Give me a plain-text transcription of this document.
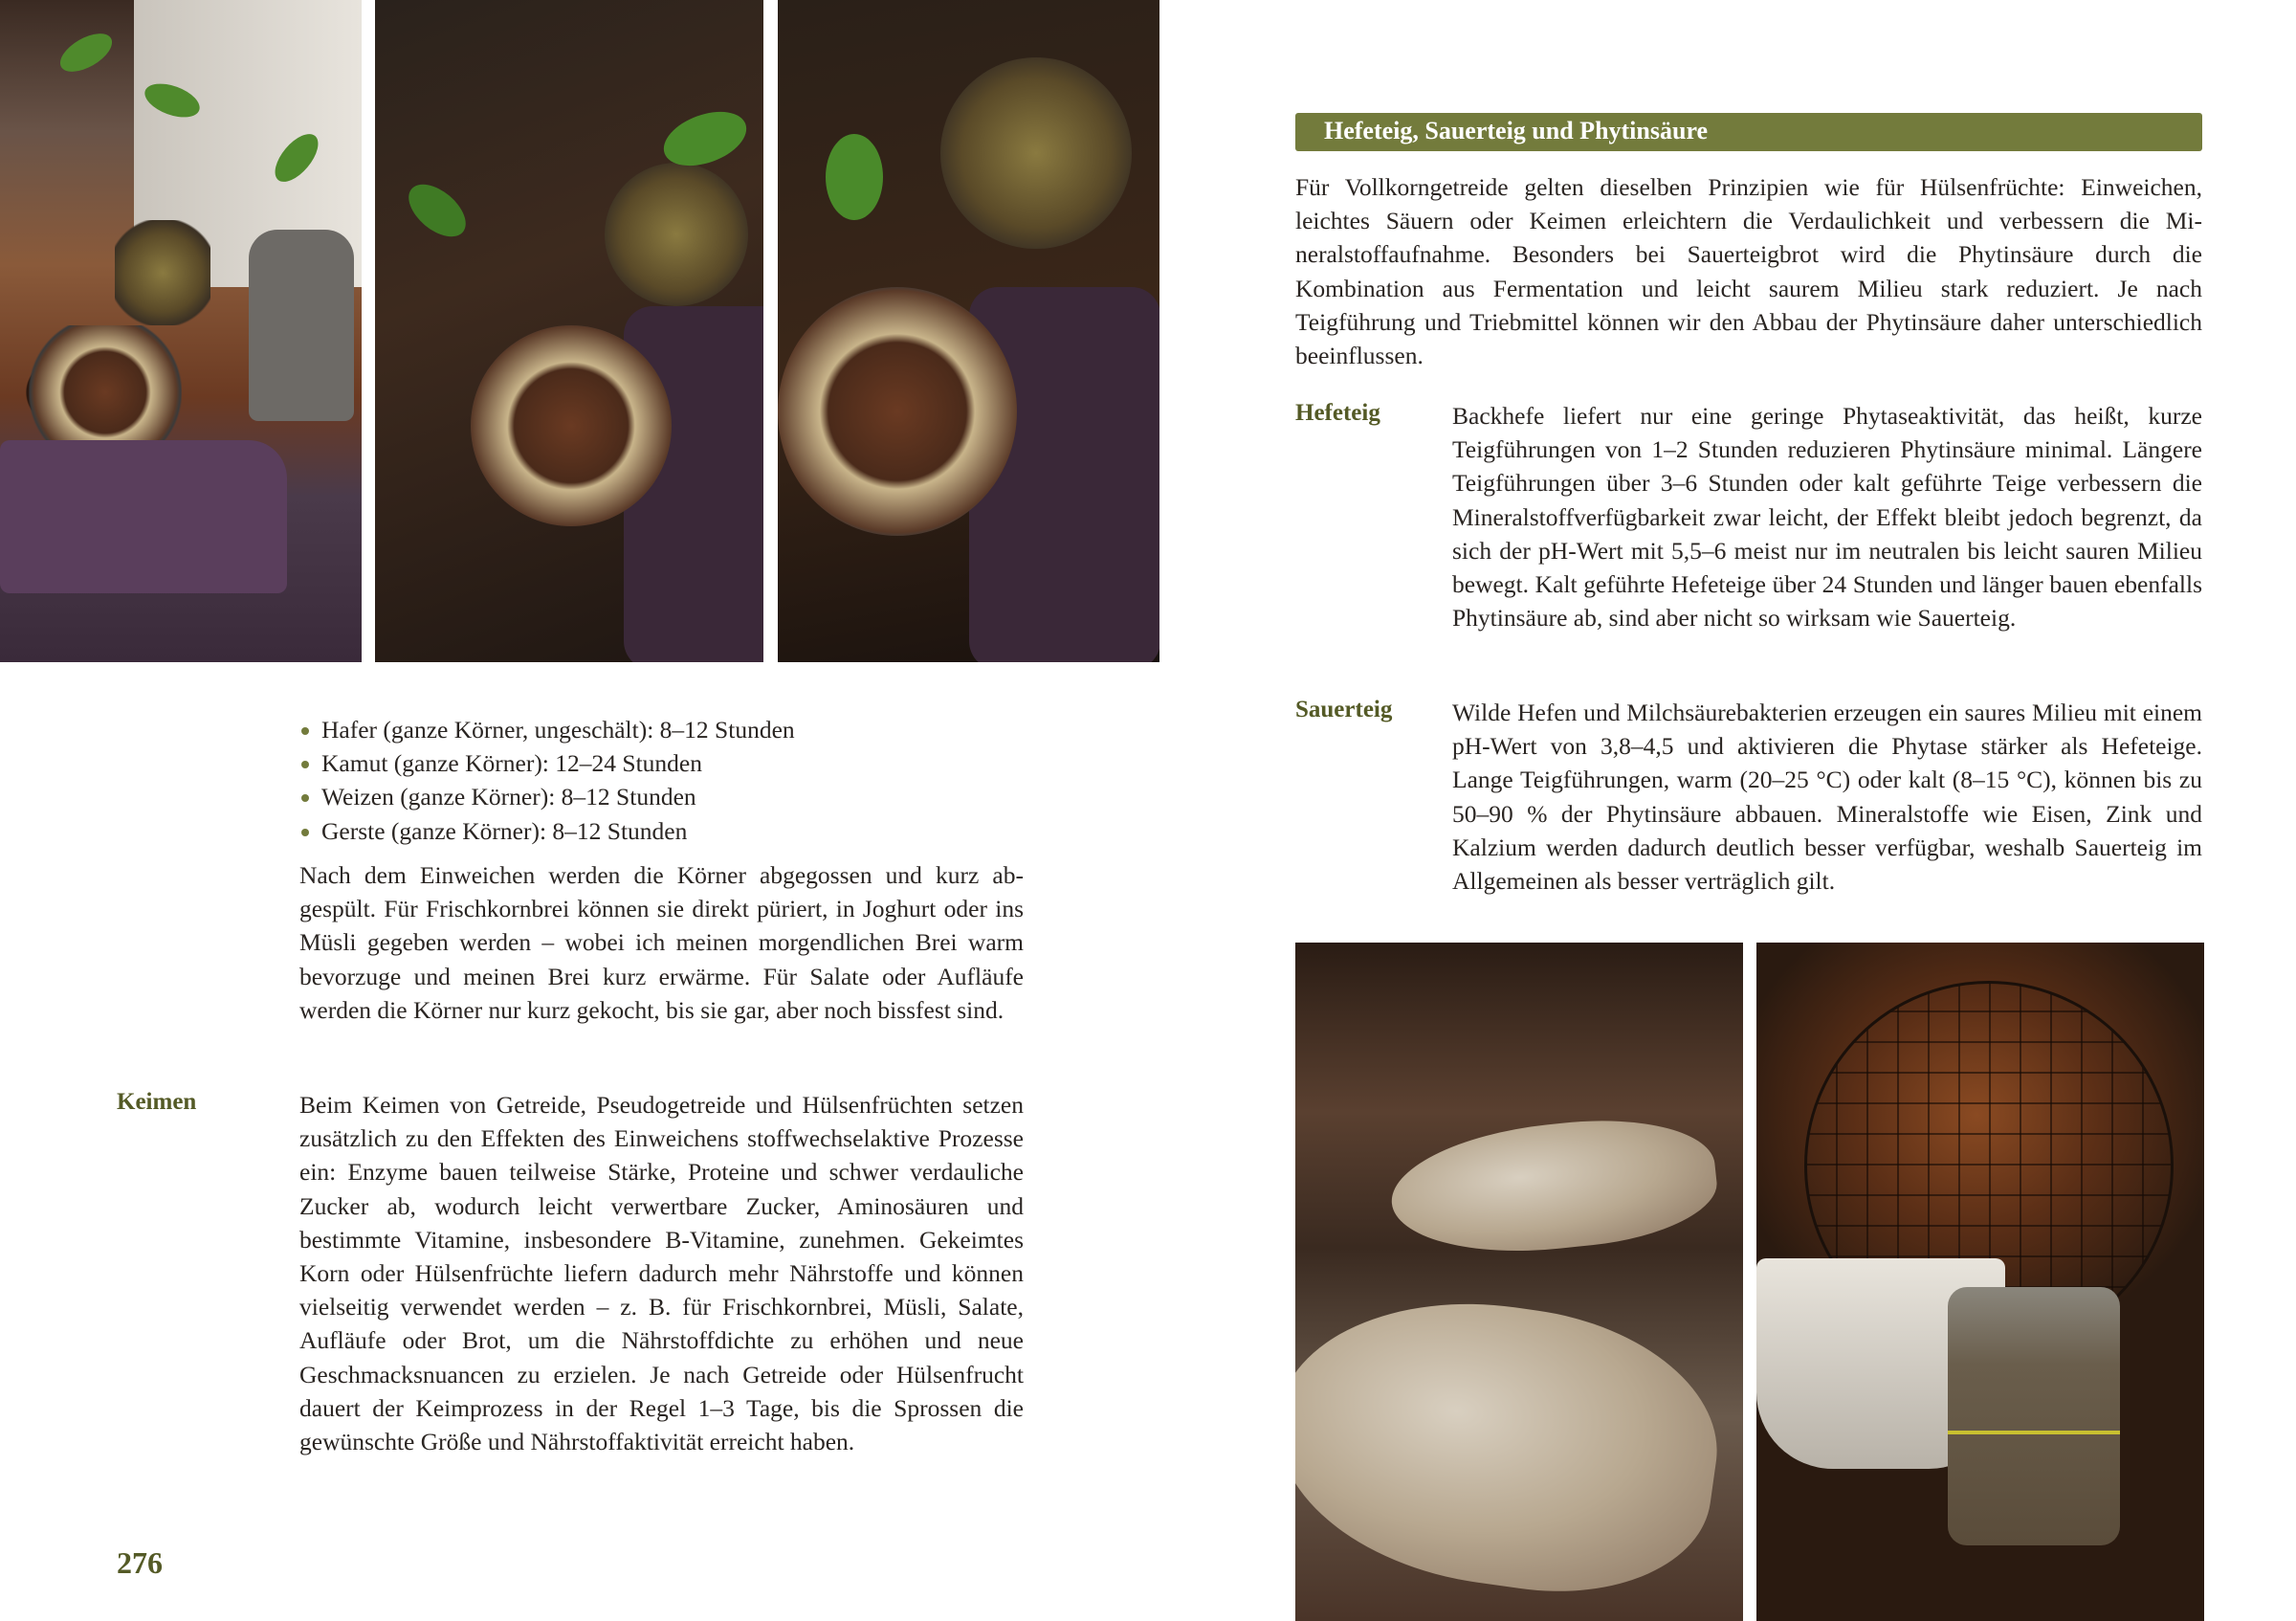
Hafer (ganze Körner, ungeschält): 8–12 Stunden
Kamut (ganze Körner): 12–24 Stunden
Weizen (ganze Körner): 8–12 Stunden
Gerste (ganze Körner): 8–12 Stunden
Nach dem Einweichen werden die Körner abgegossen und kurz abgespült. Für Frischkornbrei können sie direkt püriert, in Joghurt oder ins Müsli gegeben werden – wobei ich meinen morgendlichen Brei warm bevorzuge und meinen Brei kurz erwärme. Für Salate oder Aufläufe werden die Körner nur kurz gekocht, bis sie gar, aber noch bissfest sind.
Keimen	Beim Keimen von Getreide, Pseudogetreide und Hülsenfrüchten setzen zusätzlich zu den Effekten des Einweichens stoffwechselaktive Prozesse ein: Enzyme bauen teilweise Stärke, Proteine und schwer verdauliche Zucker ab, wodurch leicht verwertbare Zucker, Aminosäuren und bestimmte Vitamine, insbesondere B-Vitamine, zunehmen. Gekeimtes Korn oder Hülsenfrüchte liefern dadurch mehr Nährstoffe und können vielseitig verwendet werden – z. B. für Frischkornbrei, Müsli, Salate, Aufläufe oder Brot, um die Nährstoffdichte zu erhöhen und neue Geschmacksnuancen zu erzielen. Je nach Getreide oder Hülsenfrucht dauert der Keimprozess in der Regel 1–3 Tage, bis die Sprossen die gewünschte Größe und Nährstoffaktivität erreicht haben.
276
Hefeteig, Sauerteig und Phytinsäure
Für Vollkorngetreide gelten dieselben Prinzipien wie für Hülsenfrüchte: Einweichen, leichtes Säuern oder Keimen erleichtern die Verdaulichkeit und verbessern die Mineralstoffaufnahme. Besonders bei Sauerteigbrot wird die Phytinsäure durch die Kombination aus Fermentation und leicht saurem Milieu stark reduziert. Je nach Teigführung und Triebmittel können wir den Abbau der Phytinsäure daher unterschiedlich beeinflussen.
Hefeteig	Backhefe liefert nur eine geringe Phytaseaktivität, das heißt, kurze Teigführungen von 1–2 Stunden reduzieren Phytinsäure minimal. Längere Teigführungen über 3–6 Stunden oder kalt geführte Teige verbessern die Mineralstoffverfügbarkeit zwar leicht, der Effekt bleibt jedoch begrenzt, da sich der pH-Wert mit 5,5–6 meist nur im neutralen bis leicht sauren Milieu bewegt. Kalt geführte Hefeteige über 24 Stunden und länger bauen ebenfalls Phytinsäure ab, sind aber nicht so wirksam wie Sauerteig.
Sauerteig Wilde Hefen und Milchsäurebakterien erzeugen ein saures Milieu mit einem pH-Wert von 3,8–4,5 und aktivieren die Phytase stärker als Hefeteige. Lange Teigführungen, warm (20–25 °C) oder kalt (8–15 °C), können bis zu 50–90 % der Phytinsäure abbauen. Mineralstoffe wie Eisen, Zink und Kalzium werden dadurch deutlich besser verfügbar, weshalb Sauerteig im Allgemeinen als besser verträglich gilt.
